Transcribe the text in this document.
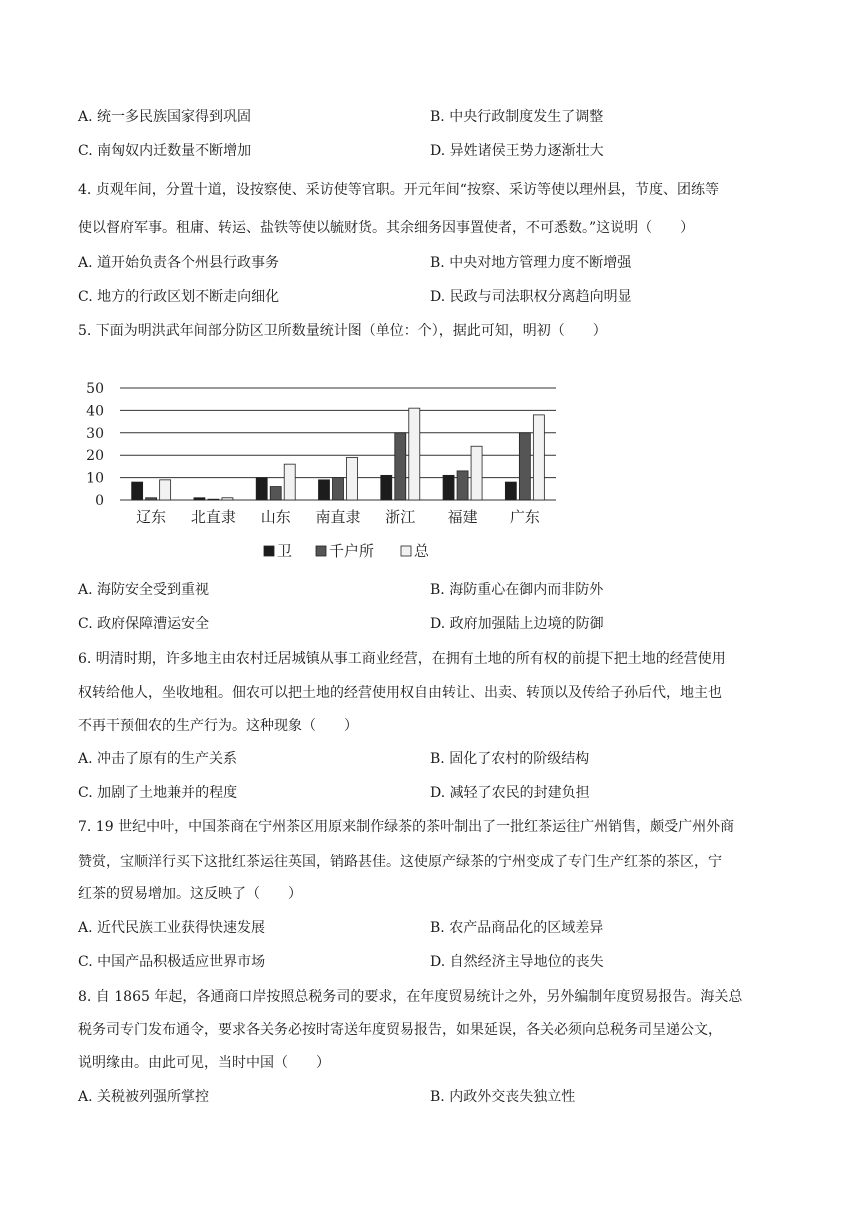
A. 统一多民族国家得到巩固	B. 中央行政制度发生了调整
C. 南匈奴内迁数量不断增加	D. 异姓诸侯王势力逐渐壮大
4. 贞观年间，分置十道，设按察使、采访使等官职。开元年间“按察、采访等使以理州县，节度、团练等
使以督府军事。租庸、转运、盐铁等使以毓财货。其余细务因事置使者，不可悉数。”这说明（　　）
A. 道开始负责各个州县行政事务	B. 中央对地方管理力度不断增强
C. 地方的行政区划不断走向细化	D. 民政与司法职权分离趋向明显
5. 下面为明洪武年间部分防区卫所数量统计图（单位：个），据此可知，明初（　　）
50
40
30
20
10
0
辽东 北直隶 山东 南直隶 浙江 福建 广东
卫 千户所	总
A. 海防安全受到重视	B. 海防重心在御内而非防外
C. 政府保障漕运安全	D. 政府加强陆上边境的防御
6. 明清时期，许多地主由农村迁居城镇从事工商业经营，在拥有土地的所有权的前提下把土地的经营使用
权转给他人，坐收地租。佃农可以把土地的经营使用权自由转让、出卖、转顶以及传给子孙后代，地主也
不再干预佃农的生产行为。这种现象（　　）
A. 冲击了原有的生产关系	B. 固化了农村的阶级结构
C. 加剧了土地兼并的程度	D. 减轻了农民的封建负担
7. 19 世纪中叶，中国茶商在宁州茶区用原来制作绿茶的茶叶制出了一批红茶运往广州销售，颇受广州外商
赞赏，宝顺洋行买下这批红茶运往英国，销路甚佳。这使原产绿茶的宁州变成了专门生产红茶的茶区，宁
红茶的贸易增加。这反映了（　　）
A. 近代民族工业获得快速发展	B. 农产品商品化的区域差异
C. 中国产品积极适应世界市场	D. 自然经济主导地位的丧失
8. 自 1865 年起，各通商口岸按照总税务司的要求，在年度贸易统计之外，另外编制年度贸易报告。海关总
税务司专门发布通令，要求各关务必按时寄送年度贸易报告，如果延误，各关必须向总税务司呈递公文，
说明缘由。由此可见，当时中国（　　）
A. 关税被列强所掌控	B. 内政外交丧失独立性
